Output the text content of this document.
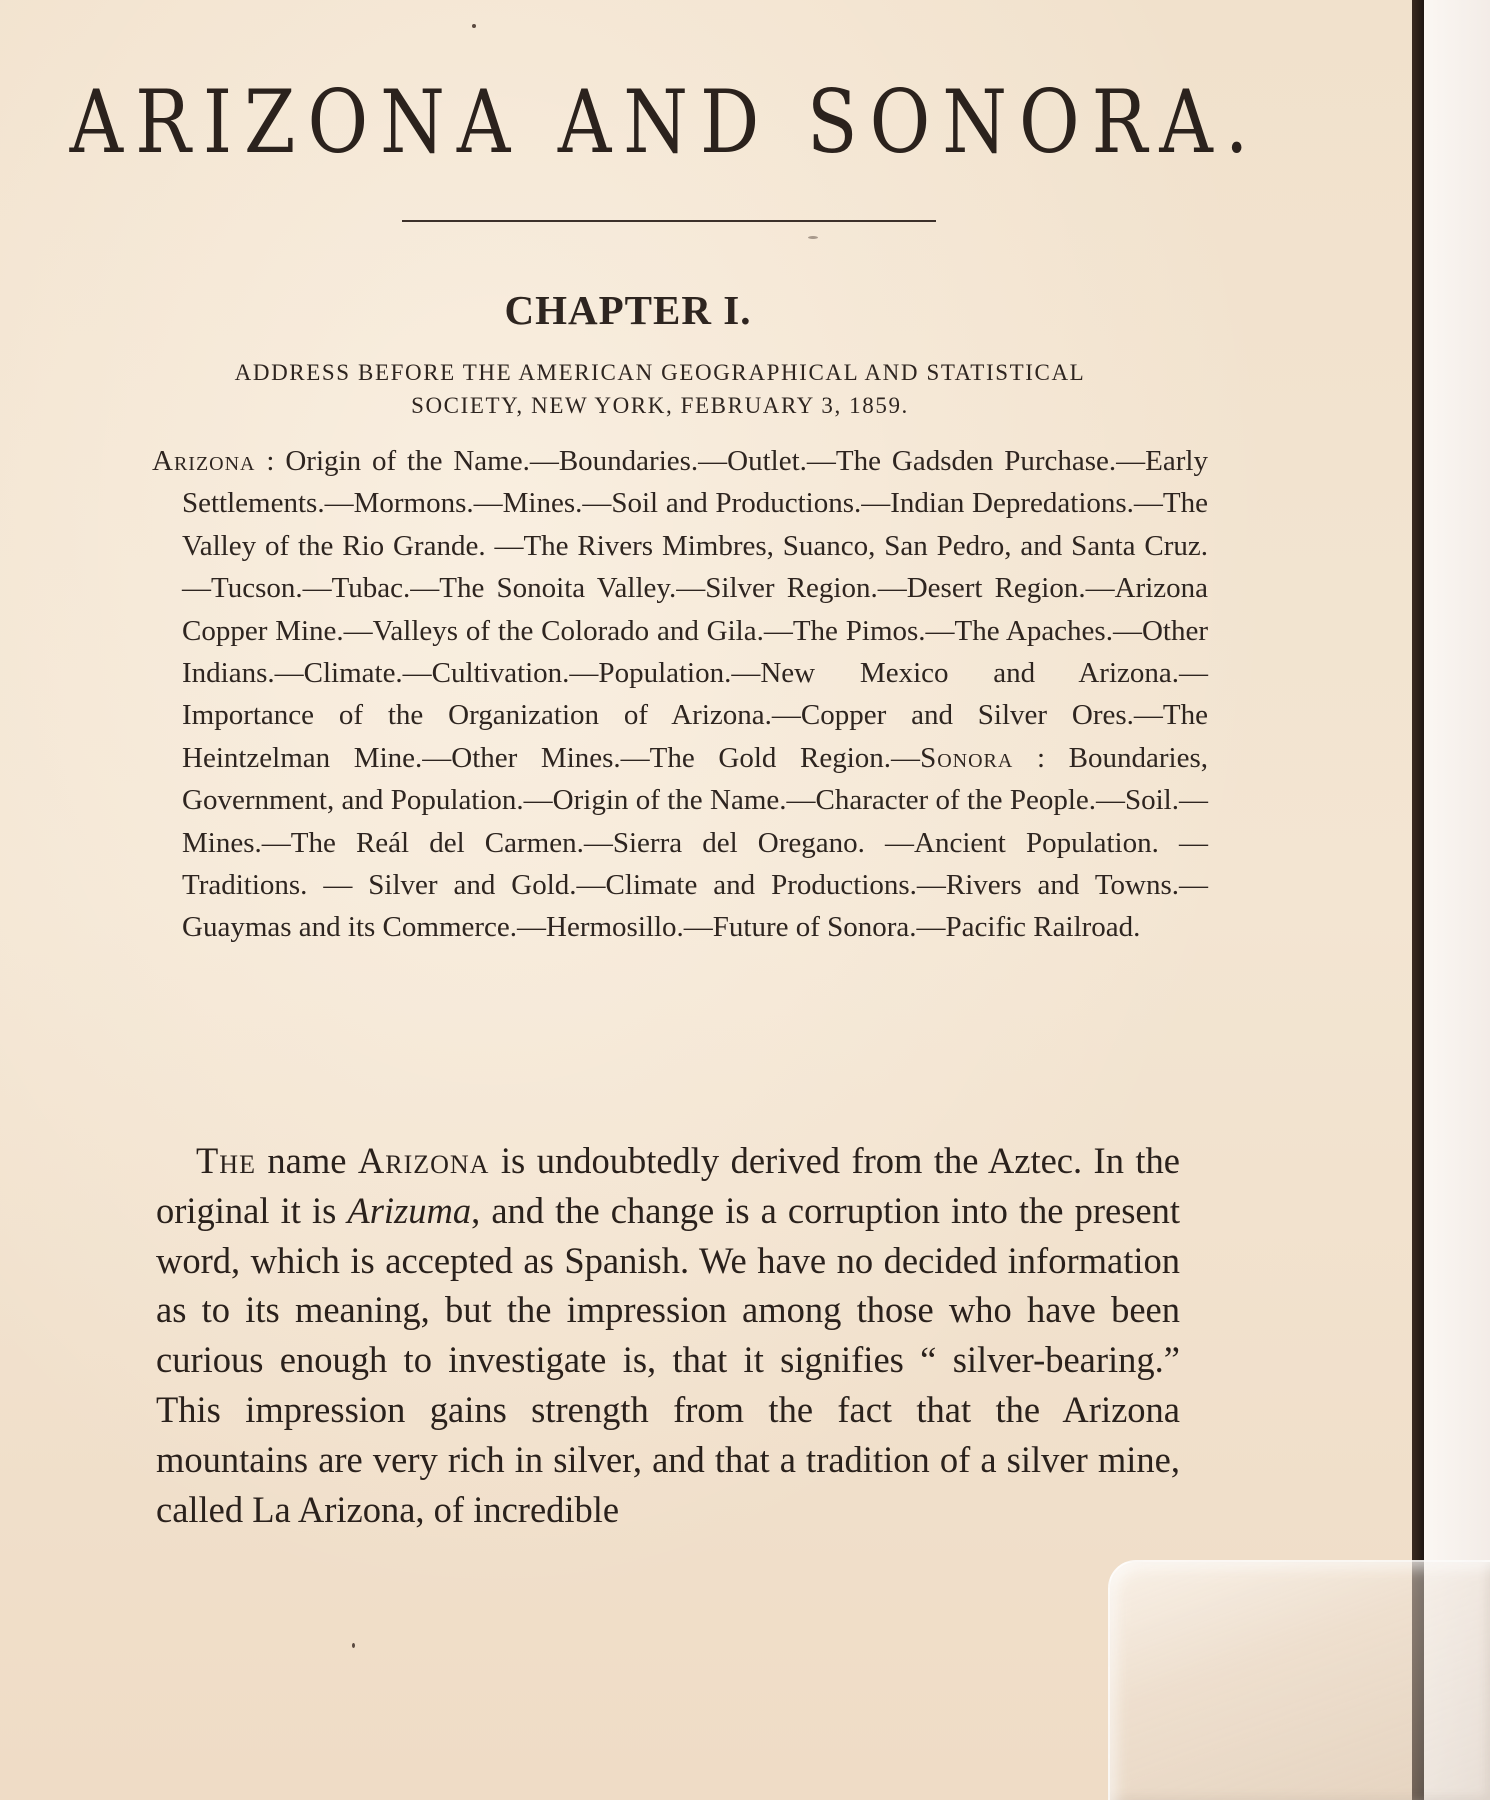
ARIZONA AND SONORA.
CHAPTER I.
ADDRESS BEFORE THE AMERICAN GEOGRAPHICAL AND STATISTICAL
SOCIETY, NEW YORK, FEBRUARY 3, 1859.

Arizona : Origin of the Name.—Boundaries.—Outlet.—The Gadsden Purchase.—Early Settlements.—Mormons.—Mines.—Soil and Productions.—Indian Depredations.—The Valley of the Rio Grande. —The Rivers Mimbres, Suanco, San Pedro, and Santa Cruz.—Tucson.—Tubac.—The Sonoita Valley.—Silver Region.—Desert Region.—Arizona Copper Mine.—Valleys of the Colorado and Gila.—The Pimos.—The Apaches.—Other Indians.—Climate.—Cultivation.—Population.—New Mexico and Arizona.—Importance of the Organization of Arizona.—Copper and Silver Ores.—The Heintzelman Mine.—Other Mines.—The Gold Region.—Sonora : Boundaries, Government, and Population.—Origin of the Name.—Character of the People.—Soil.—Mines.—The Reál del Carmen.—Sierra del Oregano. —Ancient Population. —Traditions. — Silver and Gold.—Climate and Productions.—Rivers and Towns.—Guaymas and its Commerce.—Hermosillo.—Future of Sonora.—Pacific Railroad.

The name Arizona is undoubtedly derived from the Aztec. In the original it is Arizuma, and the change is a corruption into the present word, which is accepted as Spanish. We have no decided information as to its meaning, but the impression among those who have been curious enough to investigate is, that it signifies “ silver-bearing.” This impression gains strength from the fact that the Arizona mountains are very rich in silver, and that a tradition of a silver mine, called La Arizona, of incredible
